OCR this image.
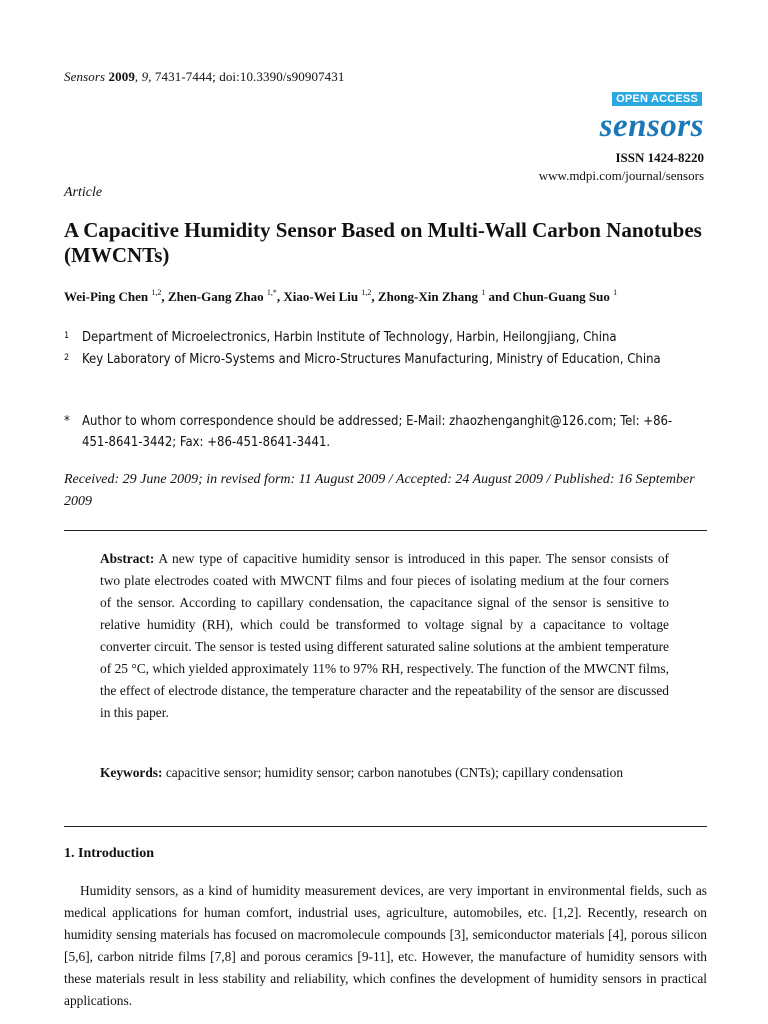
Sensors 2009, 9, 7431-7444; doi:10.3390/s90907431
OPEN ACCESS
sensors
ISSN 1424-8220
www.mdpi.com/journal/sensors
Article
A Capacitive Humidity Sensor Based on Multi-Wall Carbon Nanotubes (MWCNTs)
Wei-Ping Chen $^{1,2}$, Zhen-Gang Zhao $^{1,*}$, Xiao-Wei Liu $^{1,2}$, Zhong-Xin Zhang $^1$ and Chun-Guang Suo $^1$
1 Department of Microelectronics, Harbin Institute of Technology, Harbin, Heilongjiang, China
2 Key Laboratory of Micro-Systems and Micro-Structures Manufacturing, Ministry of Education, China
* Author to whom correspondence should be addressed; E-Mail: zhaozhenganghit@126.com; Tel: +86-451-8641-3442; Fax: +86-451-8641-3441.
Received: 29 June 2009; in revised form: 11 August 2009 / Accepted: 24 August 2009 / Published: 16 September 2009
Abstract: A new type of capacitive humidity sensor is introduced in this paper. The sensor consists of two plate electrodes coated with MWCNT films and four pieces of isolating medium at the four corners of the sensor. According to capillary condensation, the capacitance signal of the sensor is sensitive to relative humidity (RH), which could be transformed to voltage signal by a capacitance to voltage converter circuit. The sensor is tested using different saturated saline solutions at the ambient temperature of 25 °C, which yielded approximately 11% to 97% RH, respectively. The function of the MWCNT films, the effect of electrode distance, the temperature character and the repeatability of the sensor are discussed in this paper.
Keywords: capacitive sensor; humidity sensor; carbon nanotubes (CNTs); capillary condensation
1. Introduction
Humidity sensors, as a kind of humidity measurement devices, are very important in environmental fields, such as medical applications for human comfort, industrial uses, agriculture, automobiles, etc. [1,2]. Recently, research on humidity sensing materials has focused on macromolecule compounds [3], semiconductor materials [4], porous silicon [5,6], carbon nitride films [7,8] and porous ceramics [9-11], etc. However, the manufacture of humidity sensors with these materials result in less stability and reliability, which confines the development of humidity sensors in practical applications.
